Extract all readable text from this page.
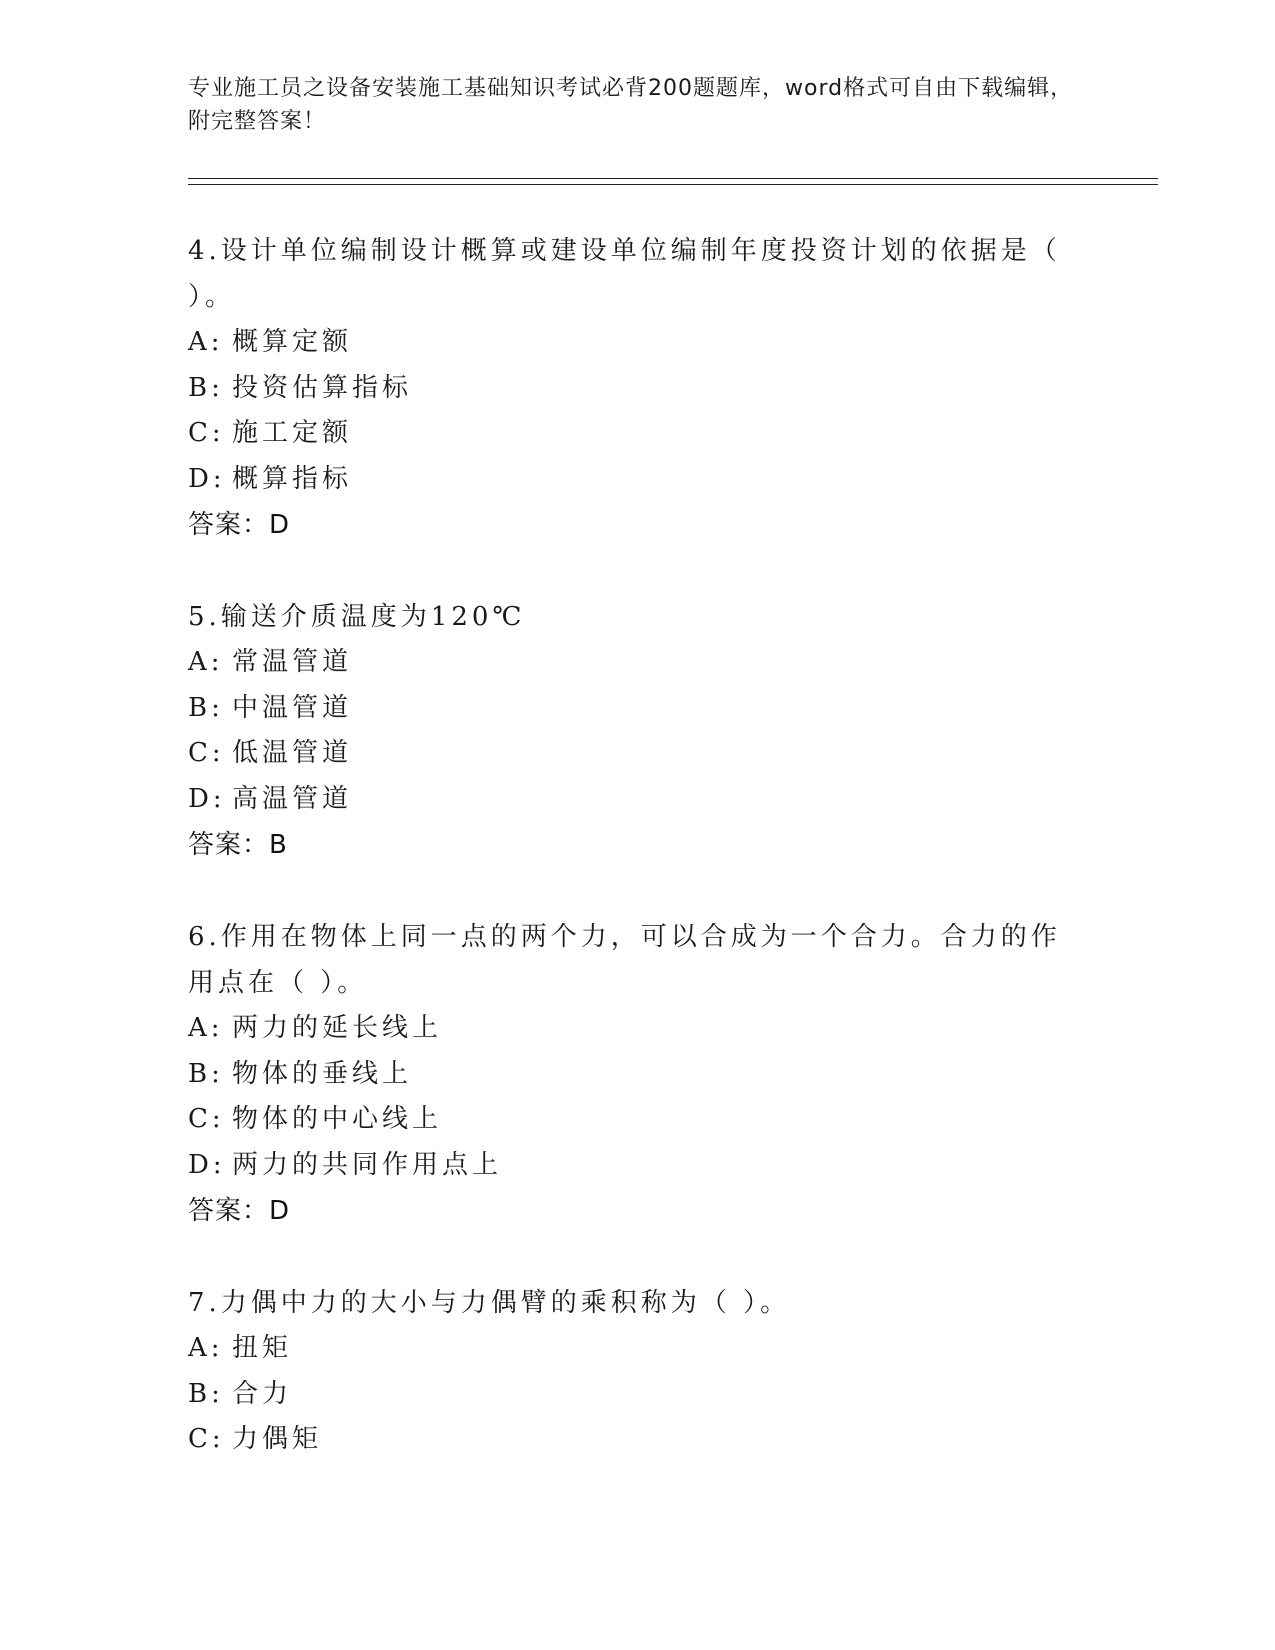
专业施工员之设备安装施工基础知识考试必背200题题库，word格式可自由下载编辑，附完整答案！
4.设计单位编制设计概算或建设单位编制年度投资计划的依据是（ ）。
A: 概算定额
B: 投资估算指标
C: 施工定额
D: 概算指标
答案：D
5.输送介质温度为120℃
A: 常温管道
B: 中温管道
C: 低温管道
D: 高温管道
答案：B
6.作用在物体上同一点的两个力，可以合成为一个合力。合力的作用点在（ ）。
A: 两力的延长线上
B: 物体的垂线上
C: 物体的中心线上
D: 两力的共同作用点上
答案：D
7.力偶中力的大小与力偶臂的乘积称为（ ）。
A: 扭矩
B: 合力
C: 力偶矩
